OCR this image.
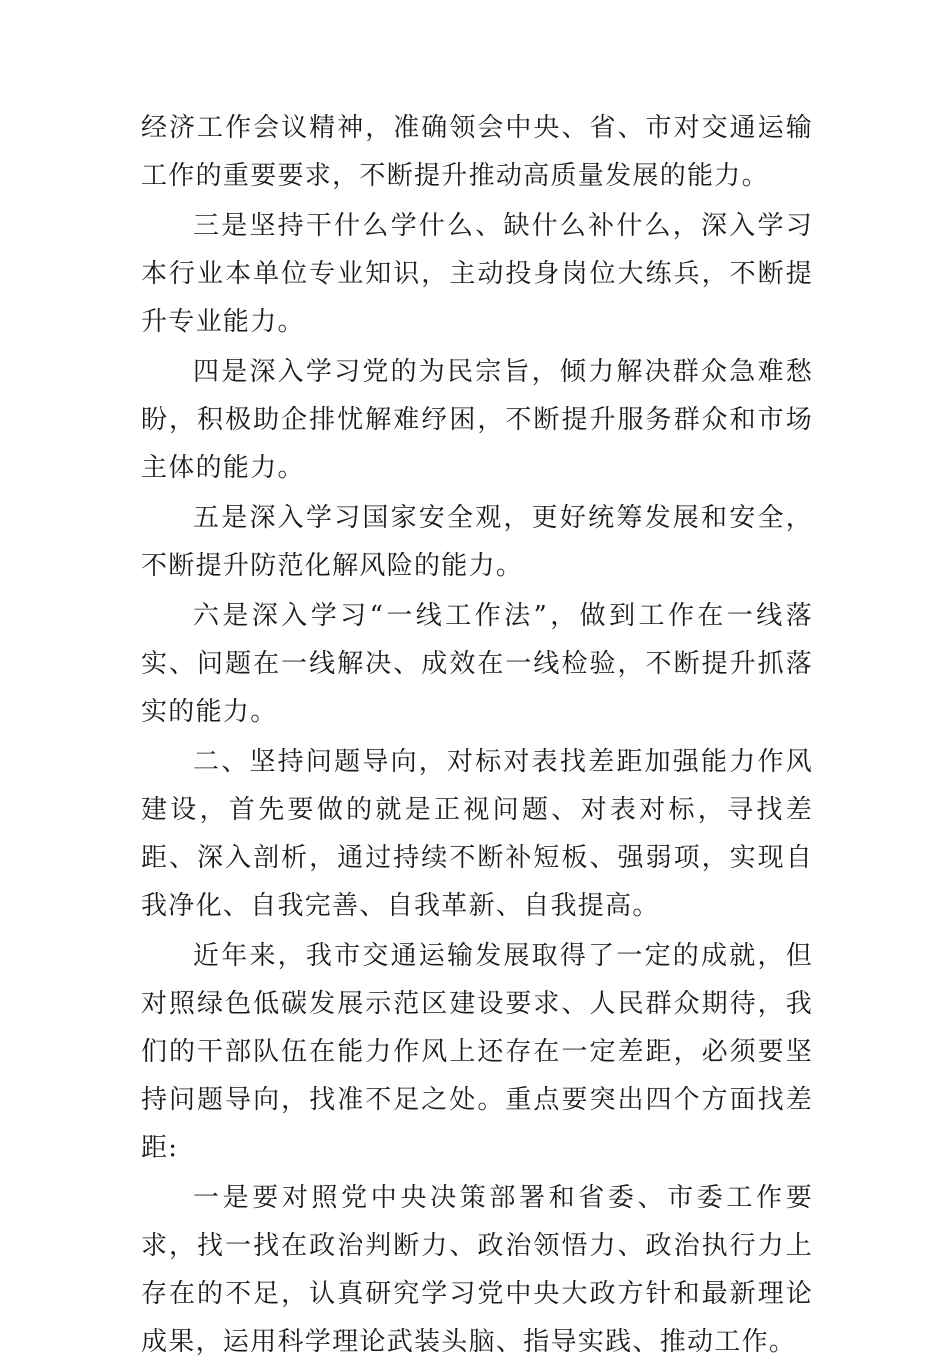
经济工作会议精神，准确领会中央、省、市对交通运输工作的重要要求，不断提升推动高质量发展的能力。

三是坚持干什么学什么、缺什么补什么，深入学习本行业本单位专业知识，主动投身岗位大练兵，不断提升专业能力。

四是深入学习党的为民宗旨，倾力解决群众急难愁盼，积极助企排忧解难纾困，不断提升服务群众和市场主体的能力。

五是深入学习国家安全观，更好统筹发展和安全，不断提升防范化解风险的能力。

六是深入学习“一线工作法”，做到工作在一线落实、问题在一线解决、成效在一线检验，不断提升抓落实的能力。

二、坚持问题导向，对标对表找差距加强能力作风建设，首先要做的就是正视问题、对表对标，寻找差距、深入剖析，通过持续不断补短板、强弱项，实现自我净化、自我完善、自我革新、自我提高。

近年来，我市交通运输发展取得了一定的成就，但对照绿色低碳发展示范区建设要求、人民群众期待，我们的干部队伍在能力作风上还存在一定差距，必须要坚持问题导向，找准不足之处。重点要突出四个方面找差距:

一是要对照党中央决策部署和省委、市委工作要求，找一找在政治判断力、政治领悟力、政治执行力上存在的不足，认真研究学习党中央大政方针和最新理论成果，运用科学理论武装头脑、指导实践、推动工作。
